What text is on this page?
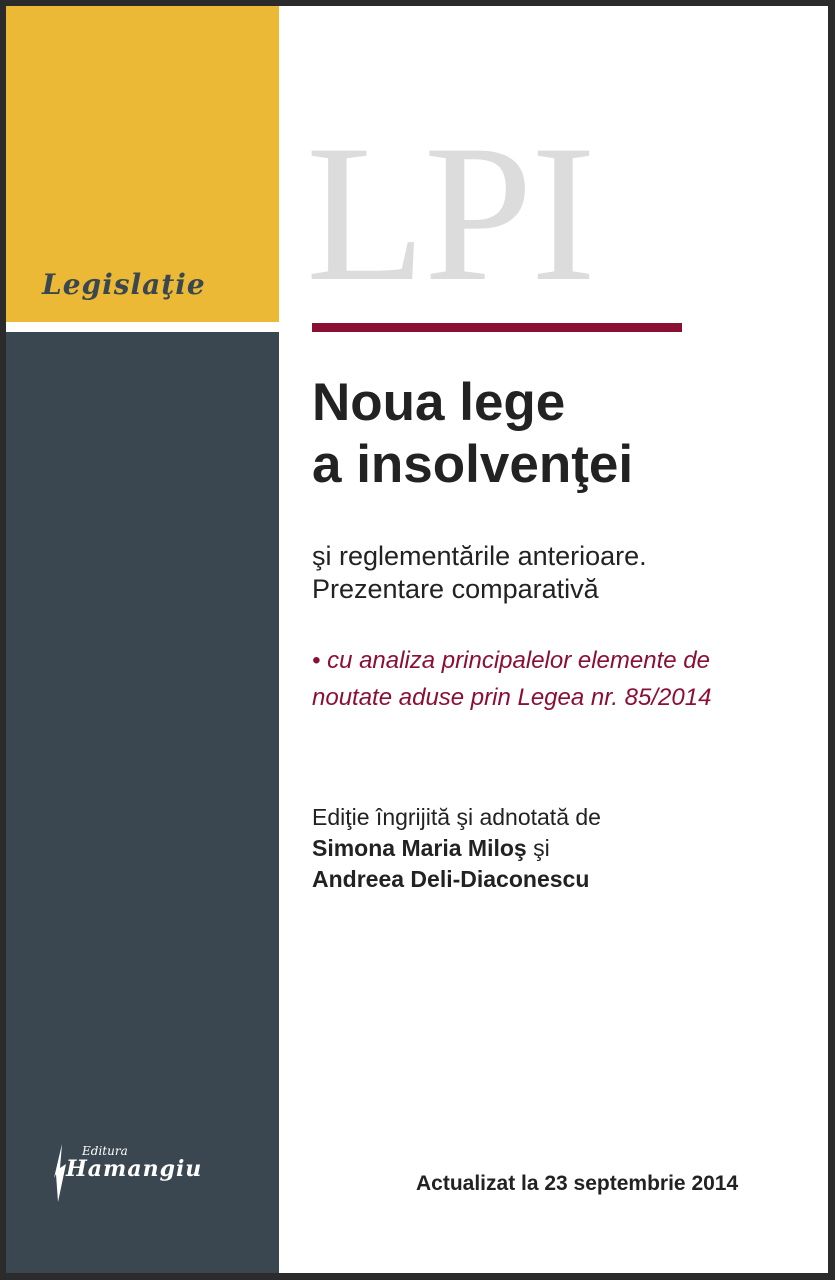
Legislaţie LPI
Noua lege
a insolvenţei
şi reglementările anterioare.
Prezentare comparativă
• cu analiza principalelor elemente de
noutate aduse prin Legea nr. 85/2014
Ediţie îngrijită şi adnotată de
Simona Maria Miloş şi
Andreea Deli-Diaconescu
Editura
Hamangiu
Actualizat la 23 septembrie 2014
